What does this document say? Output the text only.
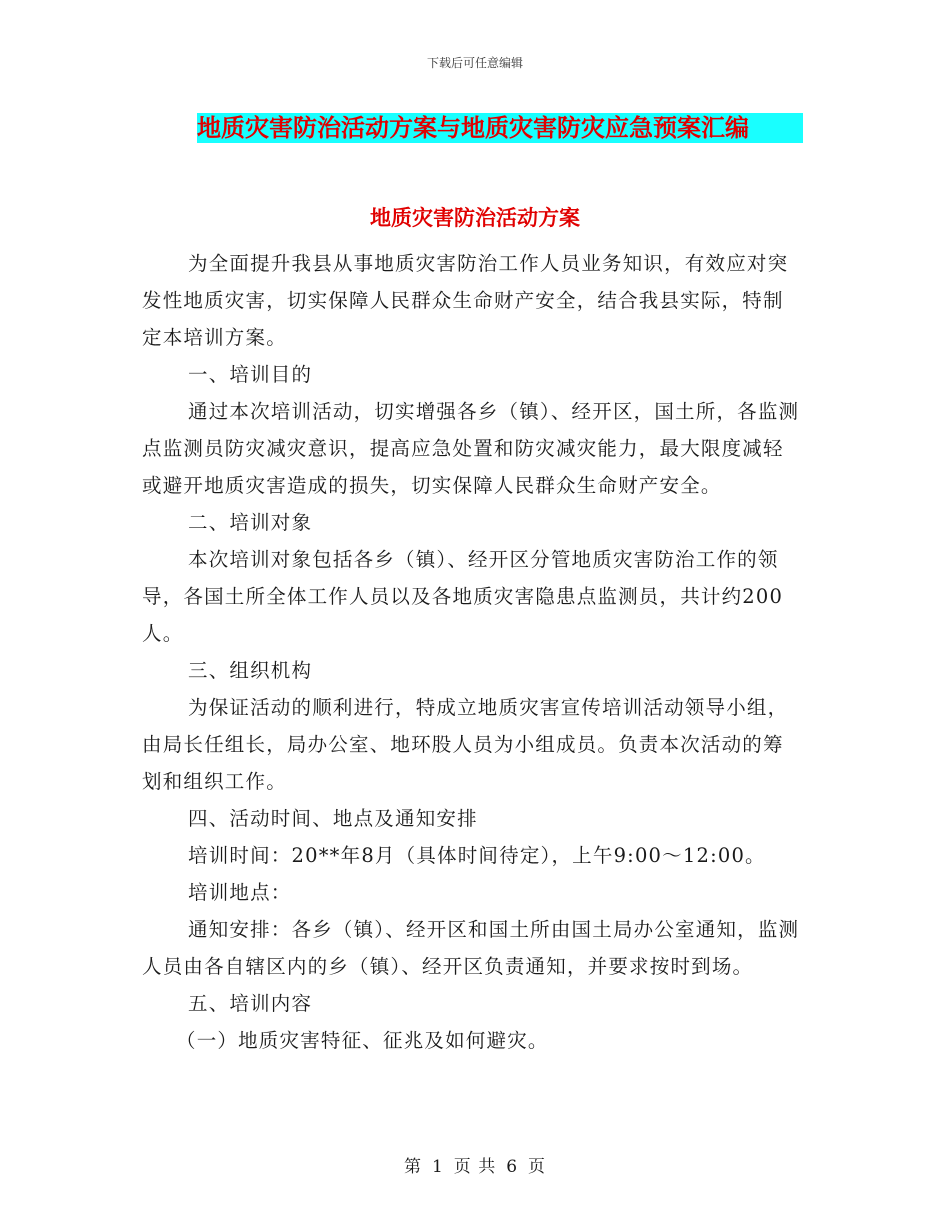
下载后可任意编辑
地质灾害防治活动方案与地质灾害防灾应急预案汇编
地质灾害防治活动方案

为全面提升我县从事地质灾害防治工作人员业务知识，有效应对突发性地质灾害，切实保障人民群众生命财产安全，结合我县实际，特制定本培训方案。

一、培训目的

通过本次培训活动，切实增强各乡（镇）、经开区，国土所，各监测点监测员防灾减灾意识，提高应急处置和防灾减灾能力，最大限度减轻或避开地质灾害造成的损失，切实保障人民群众生命财产安全。

二、培训对象

本次培训对象包括各乡（镇）、经开区分管地质灾害防治工作的领导，各国土所全体工作人员以及各地质灾害隐患点监测员，共计约200人。

三、组织机构

为保证活动的顺利进行，特成立地质灾害宣传培训活动领导小组，由局长任组长，局办公室、地环股人员为小组成员。负责本次活动的筹划和组织工作。

四、活动时间、地点及通知安排

培训时间：20**年8月（具体时间待定），上午9:00～12:00。

培训地点：

通知安排：各乡（镇）、经开区和国土所由国土局办公室通知，监测人员由各自辖区内的乡（镇）、经开区负责通知，并要求按时到场。

五、培训内容

（一）地质灾害特征、征兆及如何避灾。

第 1 页 共 6 页
